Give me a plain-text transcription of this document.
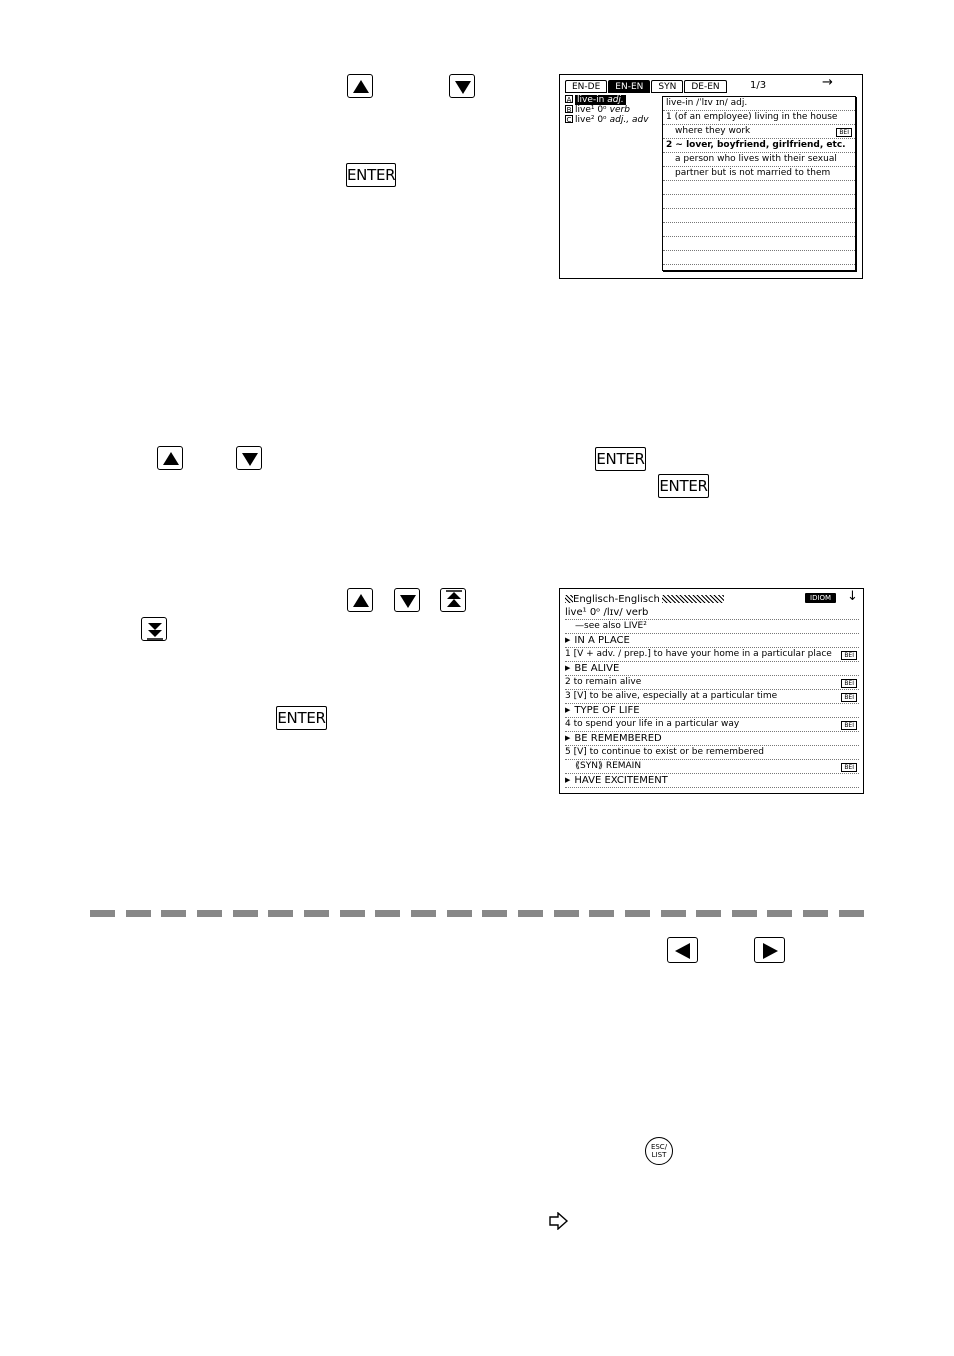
ENTER
EN-DE	EN-EN	SYN	DE-EN	1/3	→
A live-in adj.
B live¹ 0ᵒ verb
C live² 0ᵒ adj., adv
live-in /ˈlɪv ɪn/ adj.
1 (of an employee) living in the house
where they work	BEI
2 ∼ lover, boyfriend, girlfriend, etc.
a person who lives with their sexual
partner but is not married to them
ENTER
ENTER
ENTER
Englisch-Englisch	IDIOM	↓
live¹ 0ᵒ /lɪv/ verb
—see also LIVE²
▶ IN A PLACE
1 [V + adv. / prep.] to have your home in a particular place	BEI
▶ BE ALIVE
2 to remain alive	BEI
3 [V] to be alive, especially at a particular time	BEI
▶ TYPE OF LIFE
4 to spend your life in a particular way	BEI
▶ BE REMEMBERED
5 [V] to continue to exist or be remembered
⟪SYN⟫ REMAIN	BEI
▶ HAVE EXCITEMENT
ESC/
LIST
